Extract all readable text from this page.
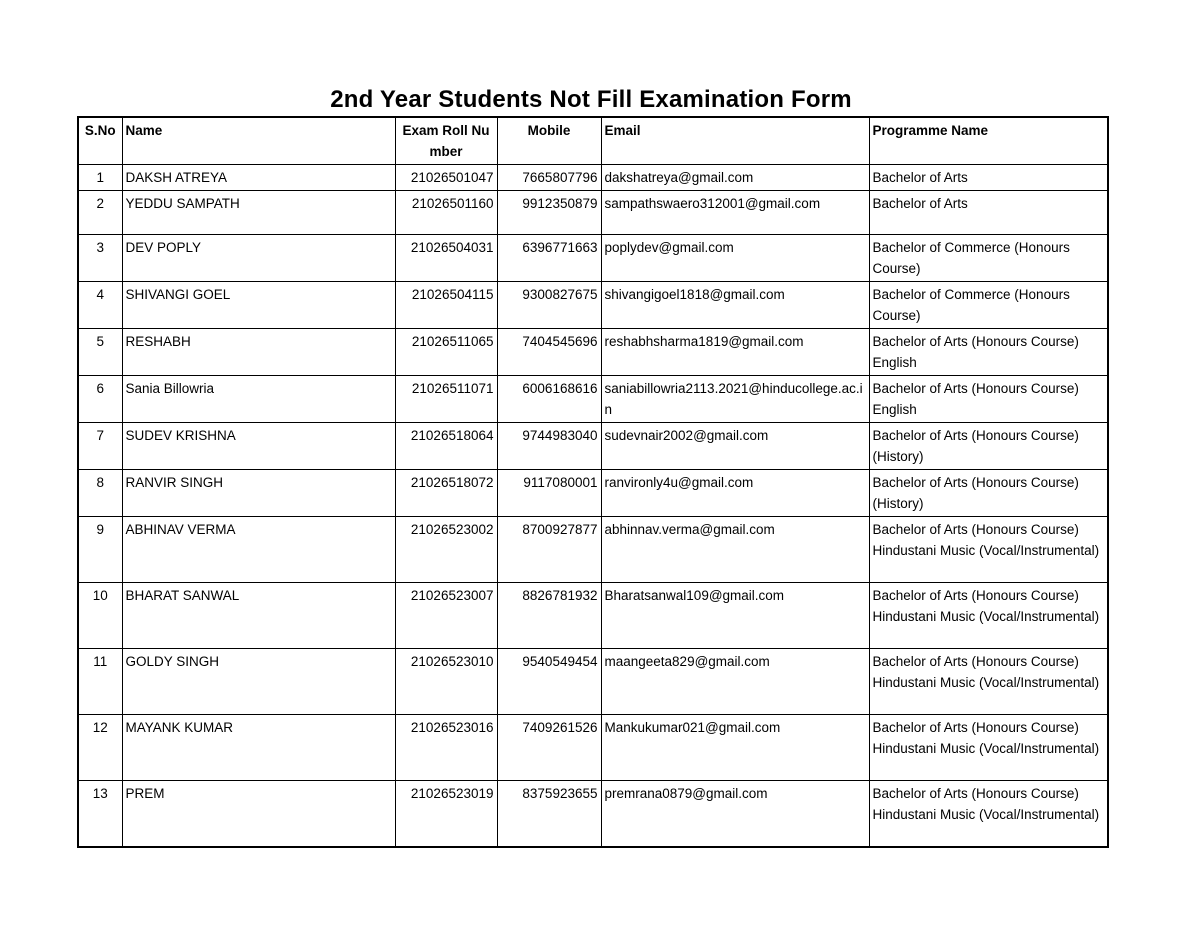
2nd Year Students Not Fill Examination Form
S.No	Name	Exam Roll Number	Mobile	Email	Programme Name
1	DAKSH ATREYA	21026501047	7665807796	dakshatreya@gmail.com	Bachelor of Arts
2	YEDDU SAMPATH	21026501160	9912350879	sampathswaero312001@gmail.com	Bachelor of Arts
3	DEV POPLY	21026504031	6396771663	poplydev@gmail.com	Bachelor of Commerce (Honours Course)
4	SHIVANGI GOEL	21026504115	9300827675	shivangigoel1818@gmail.com	Bachelor of Commerce (Honours Course)
5	RESHABH	21026511065	7404545696	reshabhsharma1819@gmail.com	Bachelor of Arts (Honours Course) English
6	Sania Billowria	21026511071	6006168616	saniabillowria2113.2021@hinducollege.ac.in	Bachelor of Arts (Honours Course) English
7	SUDEV KRISHNA	21026518064	9744983040	sudevnair2002@gmail.com	Bachelor of Arts (Honours Course) (History)
8	RANVIR SINGH	21026518072	9117080001	ranvironly4u@gmail.com	Bachelor of Arts (Honours Course) (History)
9	ABHINAV VERMA	21026523002	8700927877	abhinnav.verma@gmail.com	Bachelor of Arts (Honours Course) Hindustani Music (Vocal/Instrumental)
10	BHARAT SANWAL	21026523007	8826781932	Bharatsanwal109@gmail.com	Bachelor of Arts (Honours Course) Hindustani Music (Vocal/Instrumental)
11	GOLDY SINGH	21026523010	9540549454	maangeeta829@gmail.com	Bachelor of Arts (Honours Course) Hindustani Music (Vocal/Instrumental)
12	MAYANK KUMAR	21026523016	7409261526	Mankukumar021@gmail.com	Bachelor of Arts (Honours Course) Hindustani Music (Vocal/Instrumental)
13	PREM	21026523019	8375923655	premrana0879@gmail.com	Bachelor of Arts (Honours Course) Hindustani Music (Vocal/Instrumental)
